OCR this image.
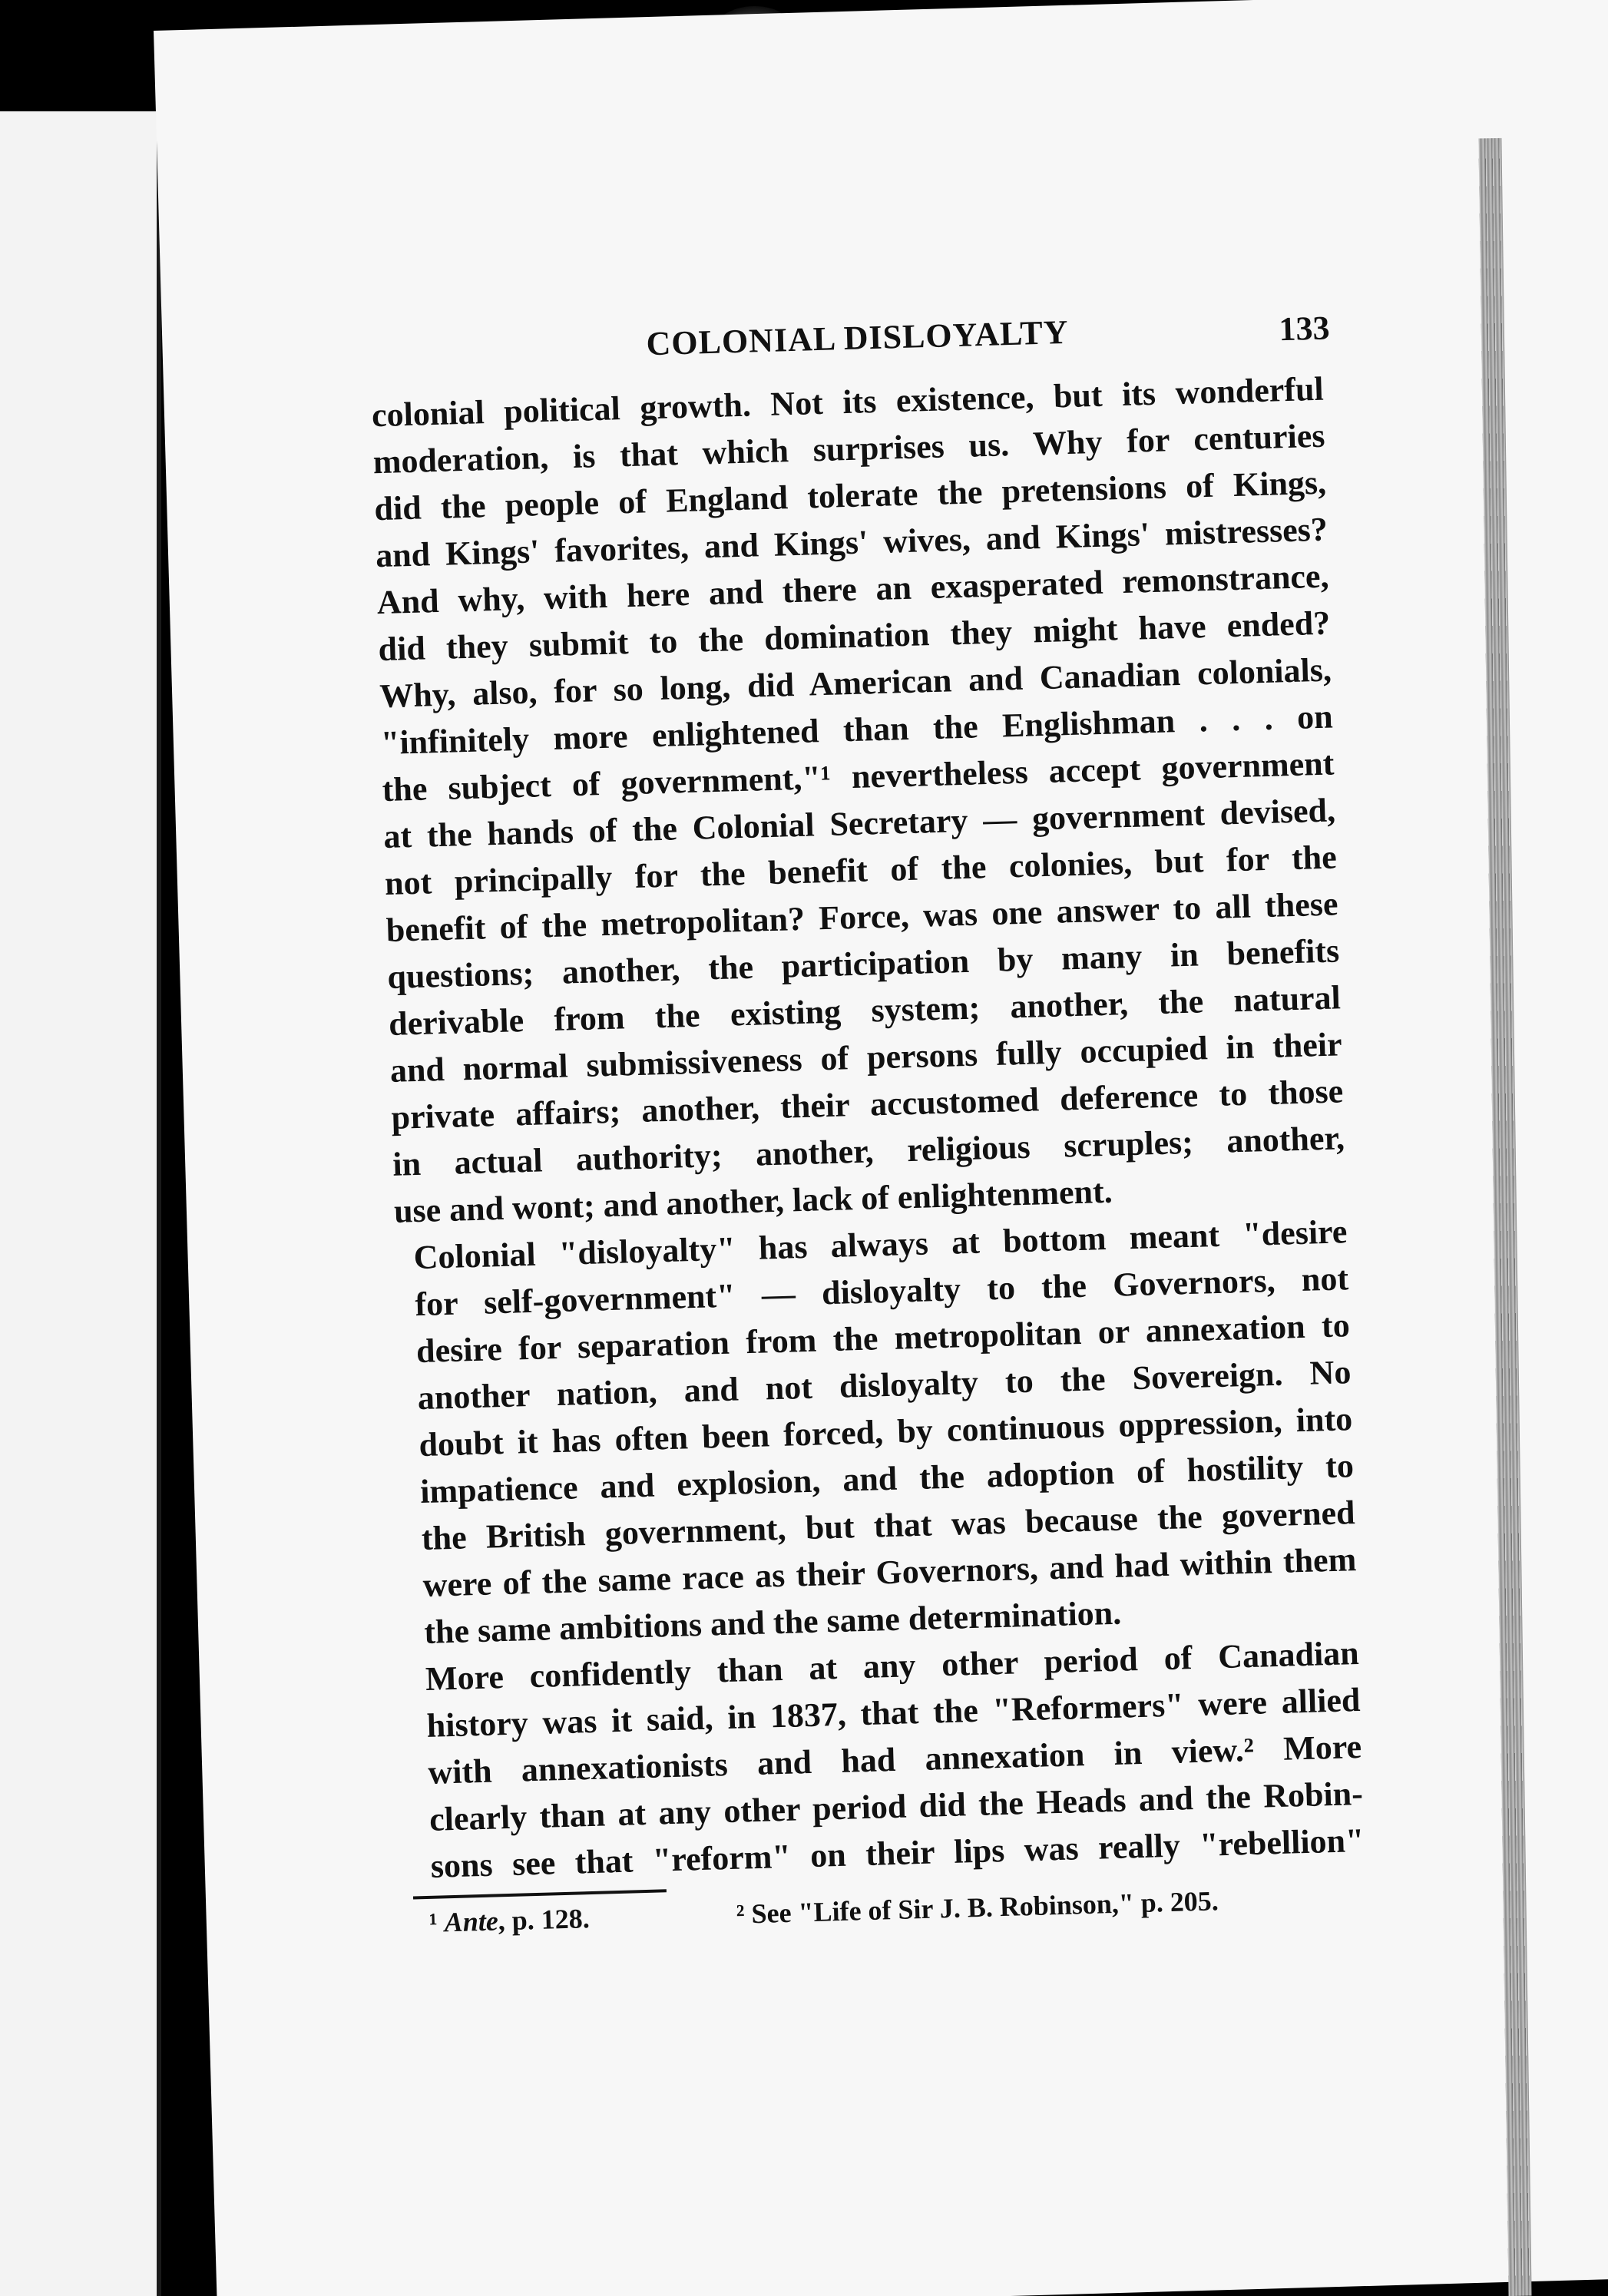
COLONIAL DISLOYALTY	133

colonial political growth. Not its existence, but its wonderful
moderation, is that which surprises us. Why for centuries
did the people of England tolerate the pretensions of Kings,
and Kings' favorites, and Kings' wives, and Kings' mistresses?
And why, with here and there an exasperated remonstrance,
did they submit to the domination they might have ended?
Why, also, for so long, did American and Canadian colonials,
"infinitely more enlightened than the Englishman . . . on
the subject of government,"¹ nevertheless accept government
at the hands of the Colonial Secretary — government devised,
not principally for the benefit of the colonies, but for the
benefit of the metropolitan? Force, was one answer to all these
questions; another, the participation by many in benefits
derivable from the existing system; another, the natural
and normal submissiveness of persons fully occupied in their
private affairs; another, their accustomed deference to those
in actual authority; another, religious scruples; another,
use and wont; and another, lack of enlightenment.

Colonial "disloyalty" has always at bottom meant "desire
for self-government" — disloyalty to the Governors, not
desire for separation from the metropolitan or annexation to
another nation, and not disloyalty to the Sovereign. No
doubt it has often been forced, by continuous oppression, into
impatience and explosion, and the adoption of hostility to
the British government, but that was because the governed
were of the same race as their Governors, and had within them
the same ambitions and the same determination.

More confidently than at any other period of Canadian
history was it said, in 1837, that the "Reformers" were allied
with annexationists and had annexation in view.² More
clearly than at any other period did the Heads and the Robin-
sons see that "reform" on their lips was really "rebellion"

¹ Ante, p. 128.	² See "Life of Sir J. B. Robinson," p. 205.
